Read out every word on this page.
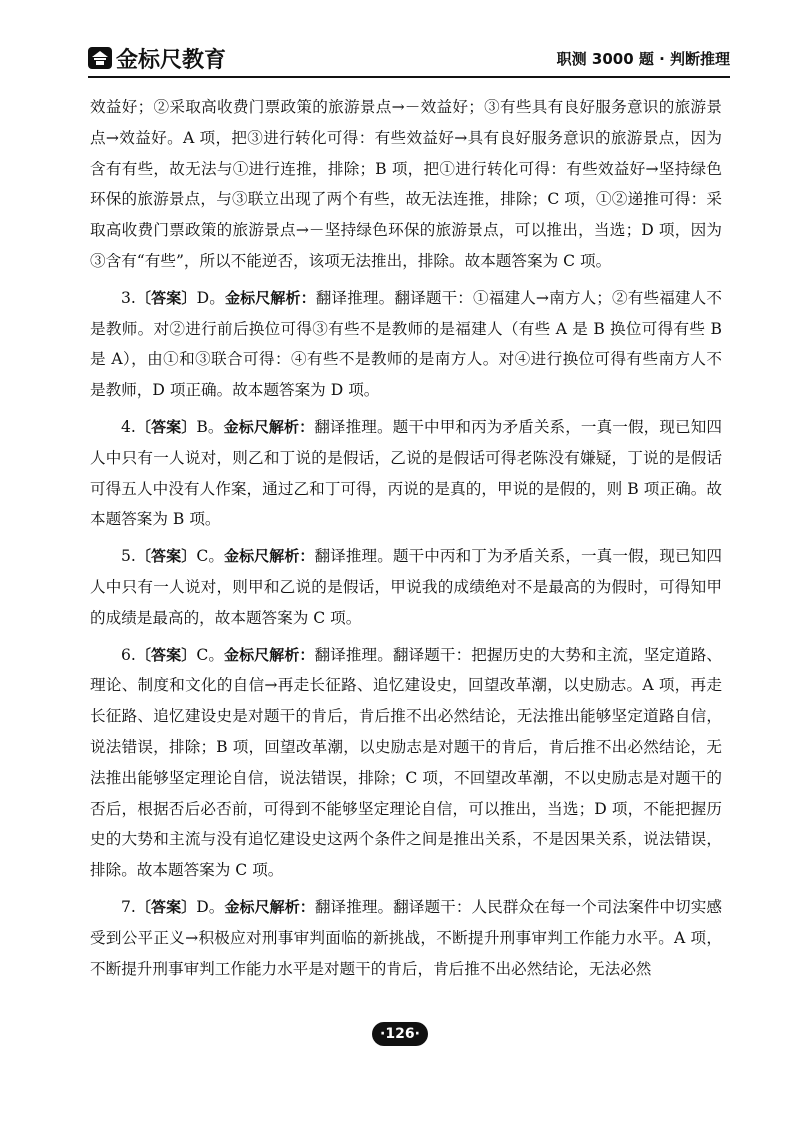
金标尺教育	职测 3000 题 · 判断推理

效益好；②采取高收费门票政策的旅游景点→－效益好；③有些具有良好服务意识的旅游景点→效益好。A 项，把③进行转化可得：有些效益好→具有良好服务意识的旅游景点，因为含有有些，故无法与①进行连推，排除；B 项，把①进行转化可得：有些效益好→坚持绿色环保的旅游景点，与③联立出现了两个有些，故无法连推，排除；C 项，①②递推可得：采取高收费门票政策的旅游景点→－坚持绿色环保的旅游景点，可以推出，当选；D 项，因为③含有“有些”，所以不能逆否，该项无法推出，排除。故本题答案为 C 项。

3.〔答案〕D。金标尺解析：翻译推理。翻译题干：①福建人→南方人；②有些福建人不是教师。对②进行前后换位可得③有些不是教师的是福建人（有些 A 是 B 换位可得有些 B 是 A），由①和③联合可得：④有些不是教师的是南方人。对④进行换位可得有些南方人不是教师，D 项正确。故本题答案为 D 项。

4.〔答案〕B。金标尺解析：翻译推理。题干中甲和丙为矛盾关系，一真一假，现已知四人中只有一人说对，则乙和丁说的是假话，乙说的是假话可得老陈没有嫌疑，丁说的是假话可得五人中没有人作案，通过乙和丁可得，丙说的是真的，甲说的是假的，则 B 项正确。故本题答案为 B 项。

5.〔答案〕C。金标尺解析：翻译推理。题干中丙和丁为矛盾关系，一真一假，现已知四人中只有一人说对，则甲和乙说的是假话，甲说我的成绩绝对不是最高的为假时，可得知甲的成绩是最高的，故本题答案为 C 项。

6.〔答案〕C。金标尺解析：翻译推理。翻译题干：把握历史的大势和主流，坚定道路、理论、制度和文化的自信→再走长征路、追忆建设史，回望改革潮，以史励志。A 项，再走长征路、追忆建设史是对题干的肯后，肯后推不出必然结论，无法推出能够坚定道路自信，说法错误，排除；B 项，回望改革潮，以史励志是对题干的肯后，肯后推不出必然结论，无法推出能够坚定理论自信，说法错误，排除；C 项，不回望改革潮，不以史励志是对题干的否后，根据否后必否前，可得到不能够坚定理论自信，可以推出，当选；D 项，不能把握历史的大势和主流与没有追忆建设史这两个条件之间是推出关系，不是因果关系，说法错误，排除。故本题答案为 C 项。

7.〔答案〕D。金标尺解析：翻译推理。翻译题干：人民群众在每一个司法案件中切实感受到公平正义→积极应对刑事审判面临的新挑战，不断提升刑事审判工作能力水平。A 项，不断提升刑事审判工作能力水平是对题干的肯后，肯后推不出必然结论，无法必然

· 126 ·
